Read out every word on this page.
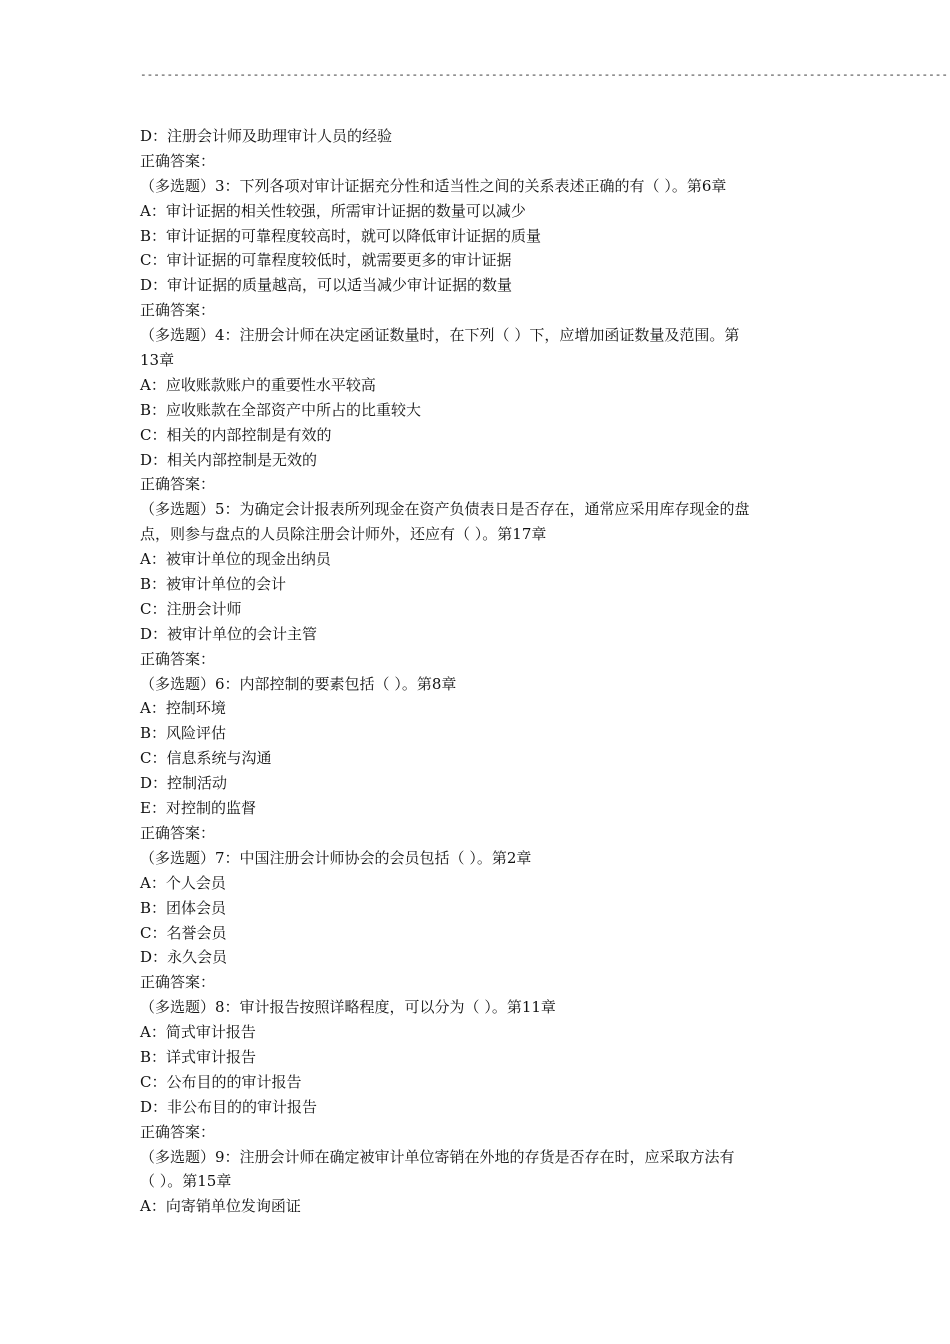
--------------------------------------------------------------------------------------------------------------------------
D：注册会计师及助理审计人员的经验
正确答案：
（多选题）3：下列各项对审计证据充分性和适当性之间的关系表述正确的有（ ）。第6章
A：审计证据的相关性较强，所需审计证据的数量可以减少
B：审计证据的可靠程度较高时，就可以降低审计证据的质量
C：审计证据的可靠程度较低时，就需要更多的审计证据
D：审计证据的质量越高，可以适当减少审计证据的数量
正确答案：
（多选题）4：注册会计师在决定函证数量时，在下列（ ）下，应增加函证数量及范围。第
13章
A：应收账款账户的重要性水平较高
B：应收账款在全部资产中所占的比重较大
C：相关的内部控制是有效的
D：相关内部控制是无效的
正确答案：
（多选题）5：为确定会计报表所列现金在资产负债表日是否存在，通常应采用库存现金的盘
点，则参与盘点的人员除注册会计师外，还应有（ ）。第17章
A：被审计单位的现金出纳员
B：被审计单位的会计
C：注册会计师
D：被审计单位的会计主管
正确答案：
（多选题）6：内部控制的要素包括（ ）。第8章
A：控制环境
B：风险评估
C：信息系统与沟通
D：控制活动
E：对控制的监督
正确答案：
（多选题）7：中国注册会计师协会的会员包括（ ）。第2章
A：个人会员
B：团体会员
C：名誉会员
D：永久会员
正确答案：
（多选题）8：审计报告按照详略程度，可以分为（ ）。第11章
A：简式审计报告
B：详式审计报告
C：公布目的的审计报告
D：非公布目的的审计报告
正确答案：
（多选题）9：注册会计师在确定被审计单位寄销在外地的存货是否存在时，应采取方法有
（ ）。第15章
A：向寄销单位发询函证
